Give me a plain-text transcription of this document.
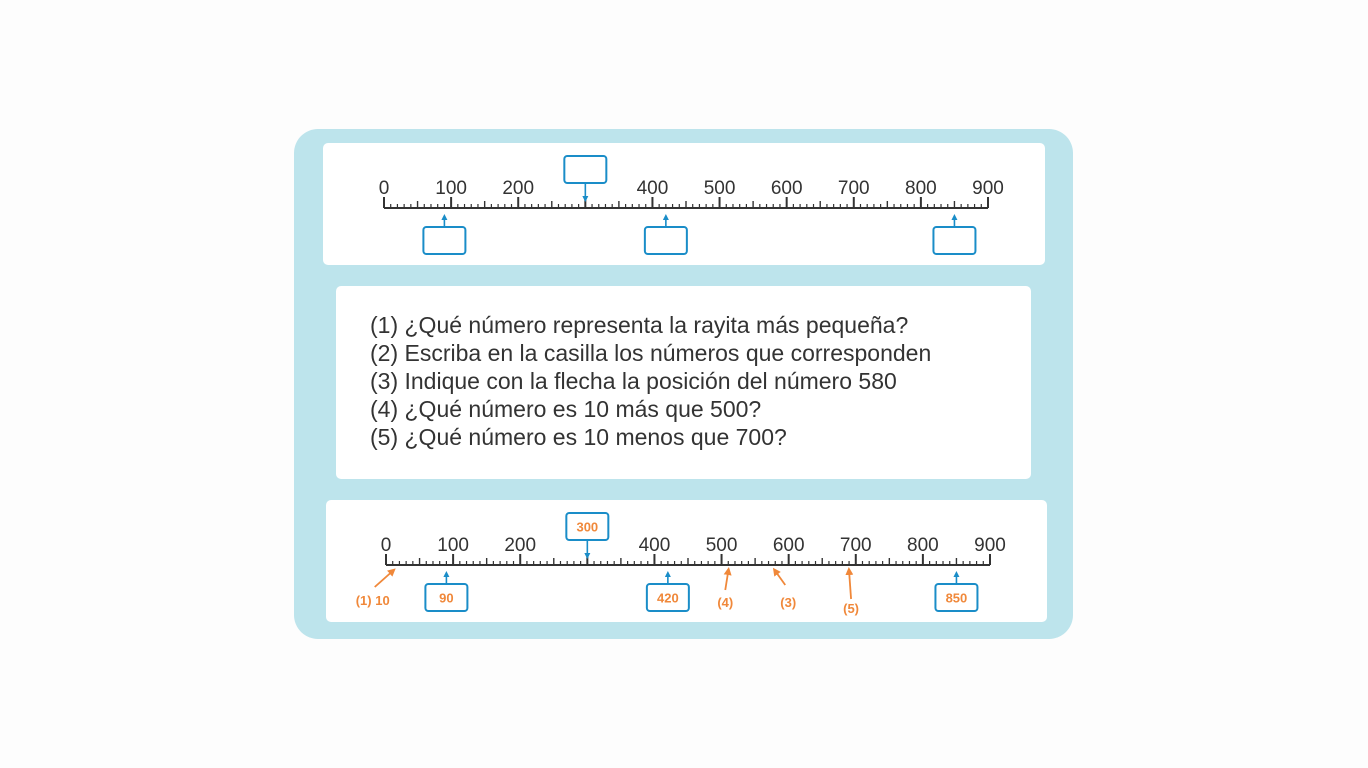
(1) ¿Qué número representa la rayita más pequeña?
(2) Escriba en la casilla los números que corresponden
(3) Indique con la flecha la posición del número 580
(4) ¿Qué número es 10 más que 500?
(5) ¿Qué número es 10 menos que 700?
0 100 200	400 500 600 700 800 900
0 100 200	400 500 600 700 800 900
300
90	420	850
(1) 10	(4)	(3)	(5)
